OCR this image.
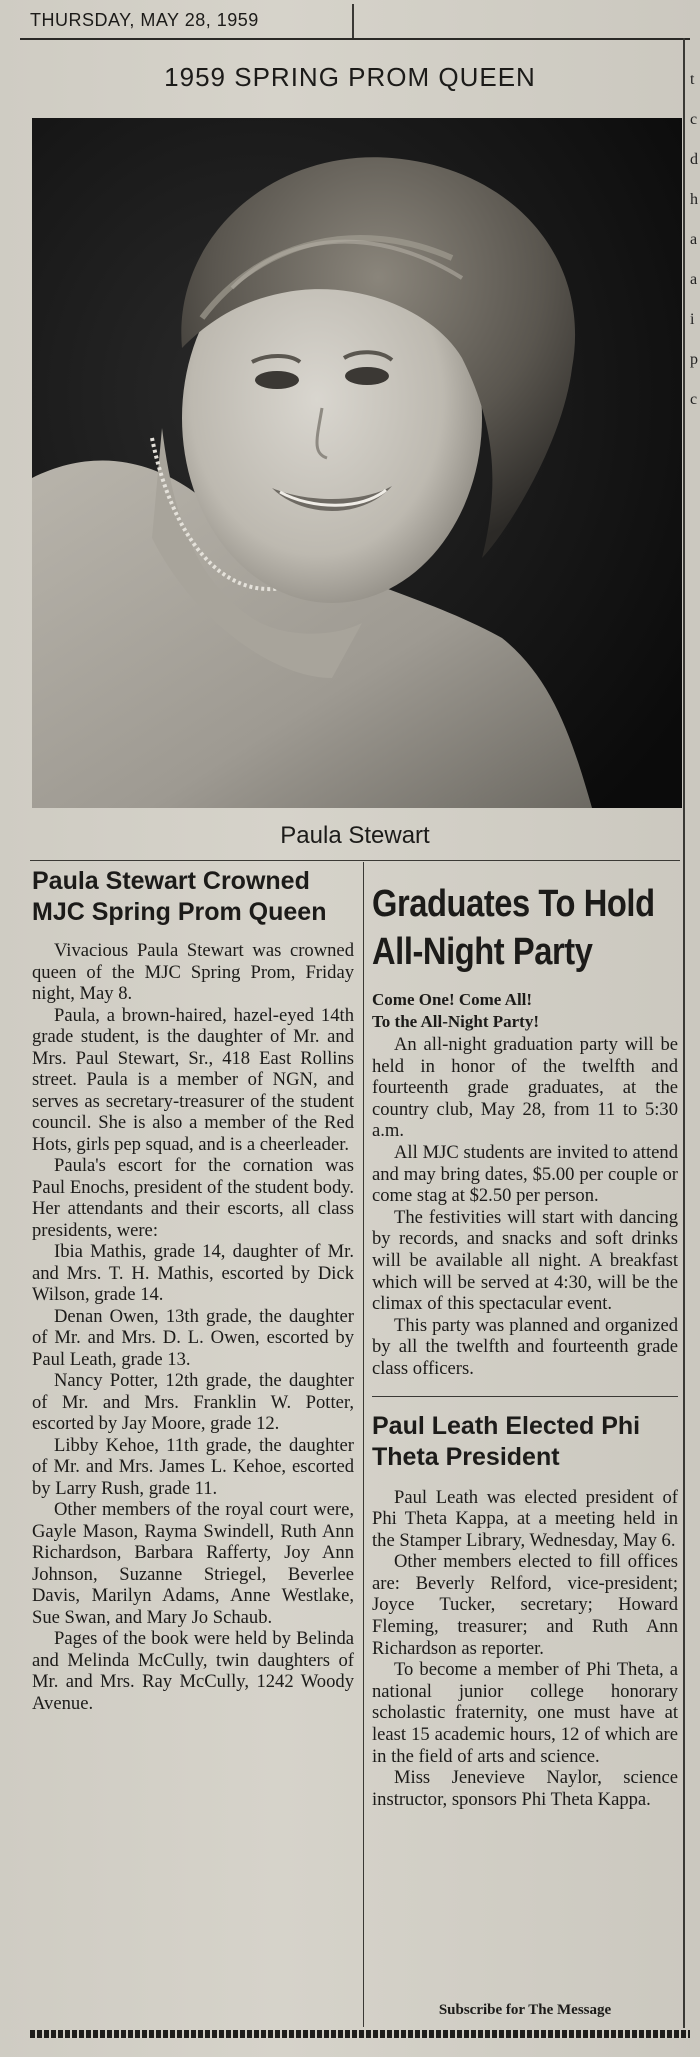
THURSDAY, MAY 28, 1959
t c d h a a i p c
1959 SPRING PROM QUEEN
Paula Stewart
Paula Stewart Crowned MJC Spring Prom Queen

Vivacious Paula Stewart was crowned queen of the MJC Spring Prom, Friday night, May 8.

Paula, a brown-haired, hazel-eyed 14th grade student, is the daughter of Mr. and Mrs. Paul Stewart, Sr., 418 East Rollins street. Paula is a member of NGN, and serves as secretary-treasurer of the student council. She is also a member of the Red Hots, girls pep squad, and is a cheerleader.

Paula's escort for the cornation was Paul Enochs, president of the student body. Her attendants and their escorts, all class presidents, were:

Ibia Mathis, grade 14, daughter of Mr. and Mrs. T. H. Mathis, escorted by Dick Wilson, grade 14.

Denan Owen, 13th grade, the daughter of Mr. and Mrs. D. L. Owen, escorted by Paul Leath, grade 13.

Nancy Potter, 12th grade, the daughter of Mr. and Mrs. Franklin W. Potter, escorted by Jay Moore, grade 12.

Libby Kehoe, 11th grade, the daughter of Mr. and Mrs. James L. Kehoe, escorted by Larry Rush, grade 11.

Other members of the royal court were, Gayle Mason, Rayma Swindell, Ruth Ann Richardson, Barbara Rafferty, Joy Ann Johnson, Suzanne Striegel, Beverlee Davis, Marilyn Adams, Anne Westlake, Sue Swan, and Mary Jo Schaub.

Pages of the book were held by Belinda and Melinda McCully, twin daughters of Mr. and Mrs. Ray McCully, 1242 Woody Avenue.

Graduates To Hold All-Night Party
Come One! Come All!
To the All-Night Party!

An all-night graduation party will be held in honor of the twelfth and fourteenth grade graduates, at the country club, May 28, from 11 to 5:30 a.m.

All MJC students are invited to attend and may bring dates, $5.00 per couple or come stag at $2.50 per person.

The festivities will start with dancing by records, and snacks and soft drinks will be available all night. A breakfast which will be served at 4:30, will be the climax of this spectacular event.

This party was planned and organized by all the twelfth and fourteenth grade class officers.

Paul Leath Elected Phi Theta President

Paul Leath was elected president of Phi Theta Kappa, at a meeting held in the Stamper Library, Wednesday, May 6.

Other members elected to fill offices are: Beverly Relford, vice-president; Joyce Tucker, secretary; Howard Fleming, treasurer; and Ruth Ann Richardson as reporter.

To become a member of Phi Theta, a national junior college honorary scholastic fraternity, one must have at least 15 academic hours, 12 of which are in the field of arts and science.

Miss Jenevieve Naylor, science instructor, sponsors Phi Theta Kappa.

Subscribe for The Message
